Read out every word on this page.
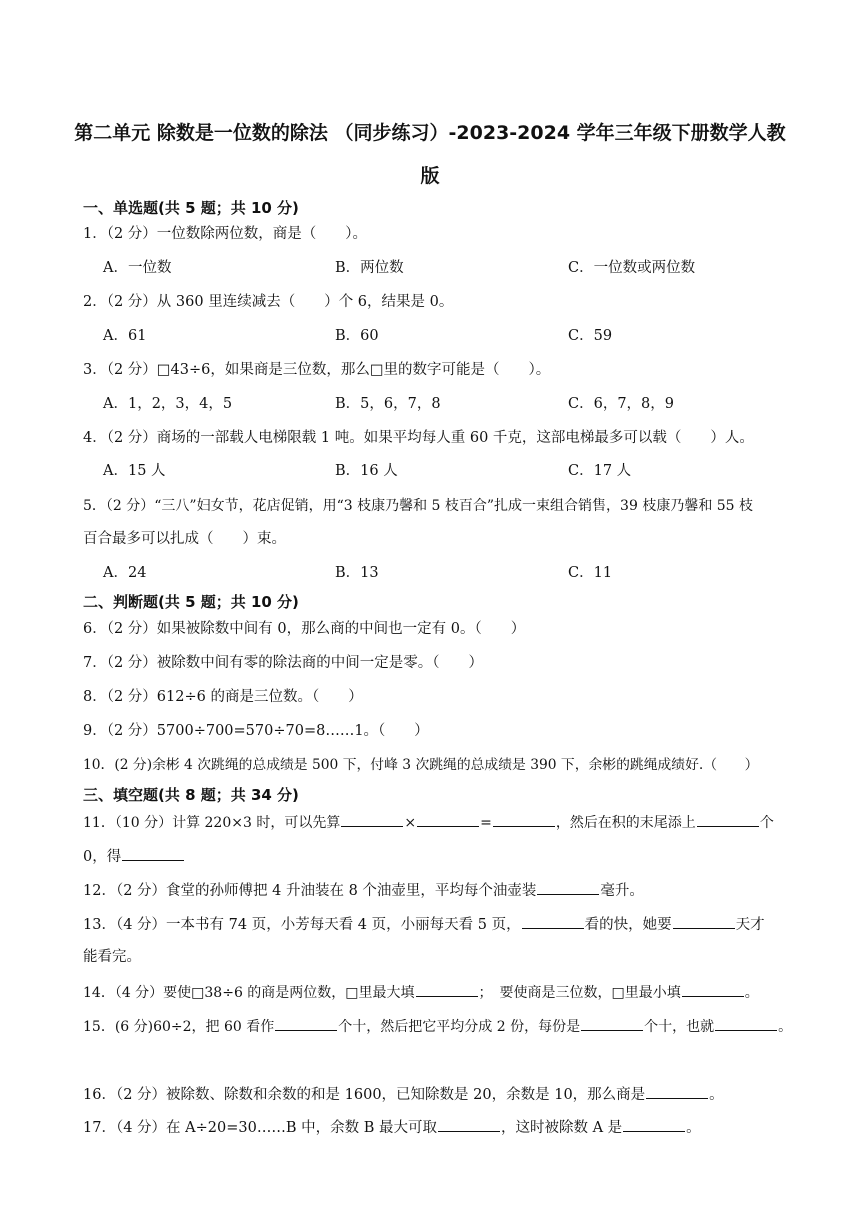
第二单元 除数是一位数的除法 （同步练习）-2023-2024 学年三年级下册数学人教
版
一、单选题(共 5 题；共 10 分)
1．（2 分）一位数除两位数，商是（　　）。
A．一位数	B．两位数	C．一位数或两位数
2．（2 分）从 360 里连续减去（　　）个 6，结果是 0。
A．61	B．60	C．59
3．（2 分）□43÷6，如果商是三位数，那么□里的数字可能是（　　）。
A．1，2，3，4，5	B．5，6，7，8	C．6，7，8，9
4．（2 分）商场的一部载人电梯限载 1 吨。如果平均每人重 60 千克，这部电梯最多可以载（　　）人。
A．15 人	B．16 人	C．17 人
5．（2 分）“三八”妇女节，花店促销，用“3 枝康乃馨和 5 枝百合”扎成一束组合销售，39 枝康乃馨和 55 枝
百合最多可以扎成（　　）束。
A．24	B．13	C．11
二、判断题(共 5 题；共 10 分)
6．（2 分）如果被除数中间有 0，那么商的中间也一定有 0。（　　）
7．（2 分）被除数中间有零的除法商的中间一定是零。（　　）
8．（2 分）612÷6 的商是三位数。（　　）
9．（2 分）5700÷700=570÷70=8……1。（　　）
10．(2 分)余彬 4 次跳绳的总成绩是 500 下，付峰 3 次跳绳的总成绩是 390 下，余彬的跳绳成绩好.（　　）
三、填空题(共 8 题；共 34 分)
11．（10 分）计算 220×3 时，可以先算	×	=	，然后在积的末尾添上	个
0，得
12．（2 分）食堂的孙师傅把 4 升油装在 8 个油壶里，平均每个油壶装	毫升。
13．（4 分）一本书有 74 页，小芳每天看 4 页，小丽每天看 5 页，	看的快，她要	天才
能看完。
14．（4 分）要使□38÷6 的商是两位数，□里最大填	；　要使商是三位数，□里最小填	。
15．(6 分)60÷2，把 60 看作	个十，然后把它平均分成 2 份，每份是	个十，也就	。
16．（2 分）被除数、除数和余数的和是 1600，已知除数是 20，余数是 10，那么商是	。
17．（4 分）在 A÷20=30……B 中，余数 B 最大可取	，这时被除数 A 是	。
